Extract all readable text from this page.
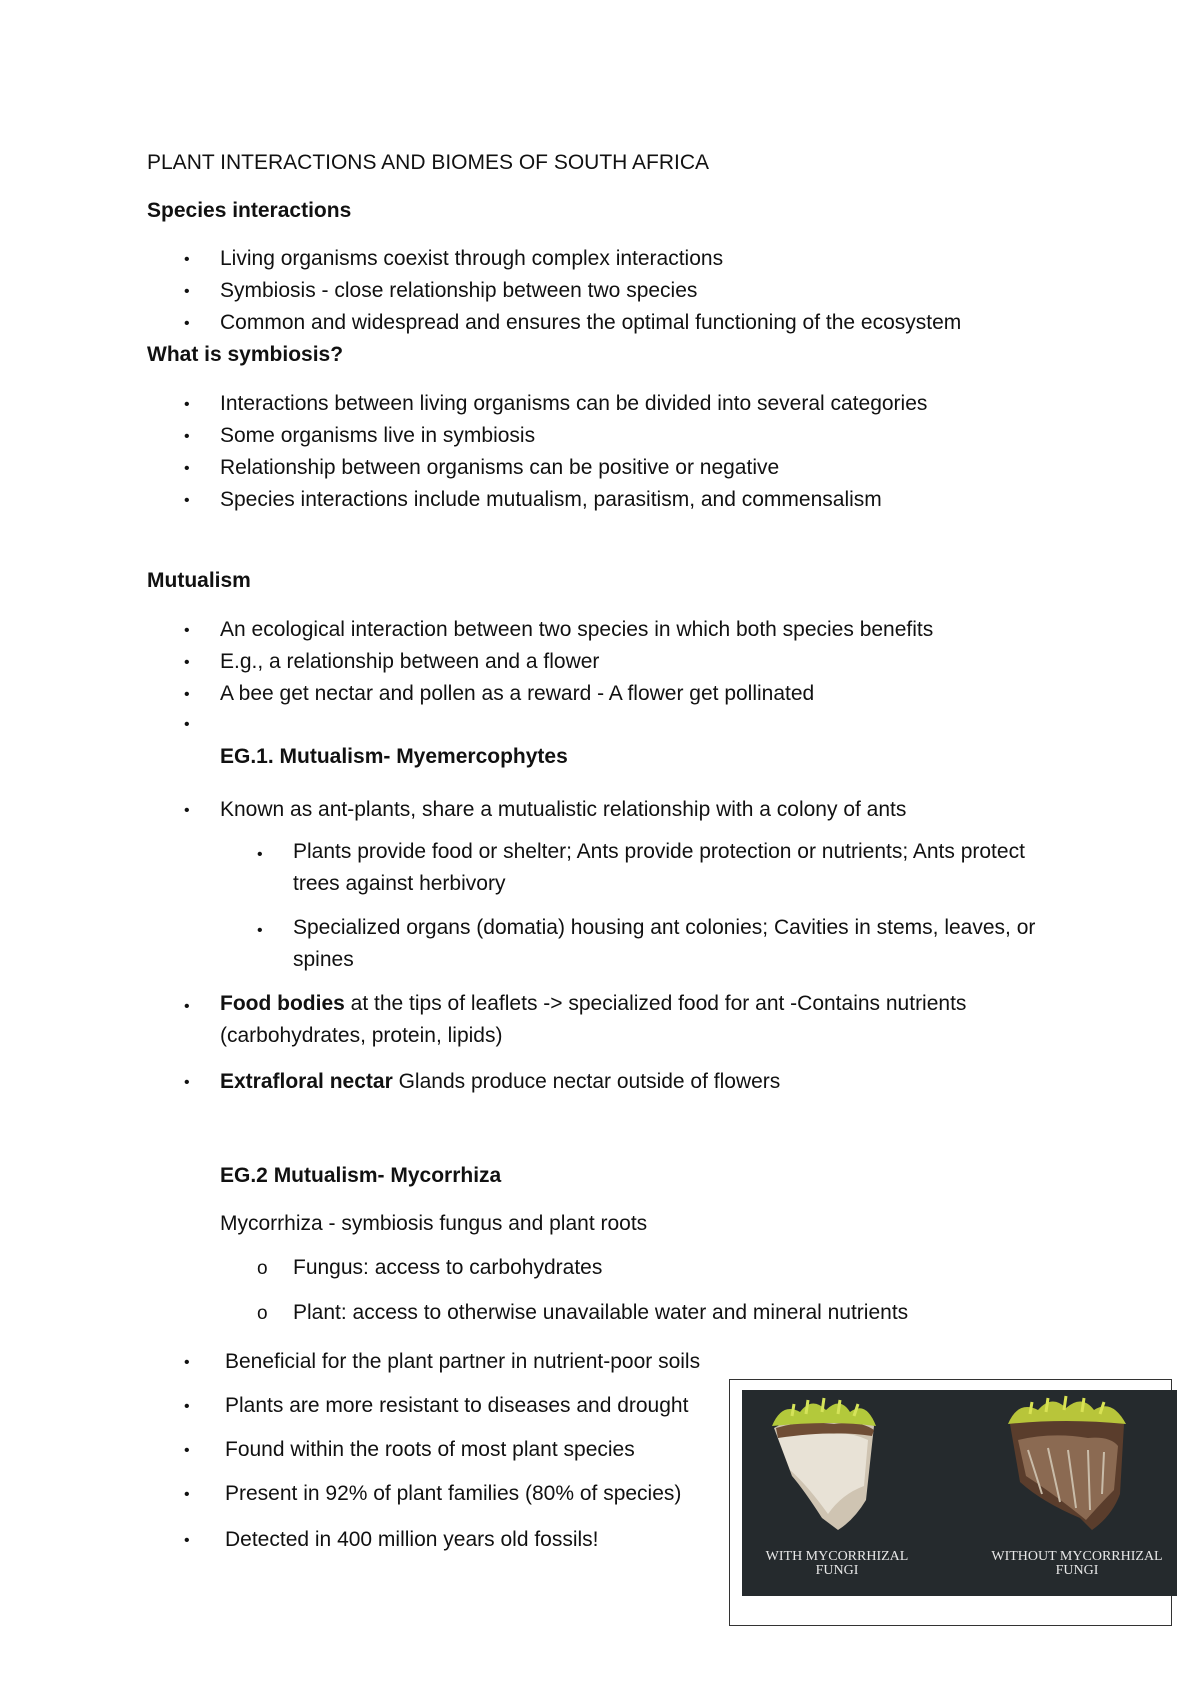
PLANT INTERACTIONS AND BIOMES OF SOUTH AFRICA
Species interactions
• Living organisms coexist through complex interactions
• Symbiosis - close relationship between two species
• Common and widespread and ensures the optimal functioning of the ecosystem
What is symbiosis?
• Interactions between living organisms can be divided into several categories
• Some organisms live in symbiosis
• Relationship between organisms can be positive or negative
• Species interactions include mutualism, parasitism, and commensalism
Mutualism
• An ecological interaction between two species in which both species benefits
• E.g., a relationship between and a flower
• A bee get nectar and pollen as a reward - A flower get pollinated
•
EG.1. Mutualism- Myemercophytes
• Known as ant-plants, share a mutualistic relationship with a colony of ants
• Plants provide food or shelter; Ants provide protection or nutrients; Ants protect trees against herbivory
• Specialized organs (domatia) housing ant colonies; Cavities in stems, leaves, or spines
• Food bodies at the tips of leaflets -> specialized food for ant -Contains nutrients (carbohydrates, protein, lipids)
• Extrafloral nectar Glands produce nectar outside of flowers
EG.2 Mutualism- Mycorrhiza
Mycorrhiza - symbiosis fungus and plant roots
o Fungus: access to carbohydrates
o Plant: access to otherwise unavailable water and mineral nutrients
• Beneficial for the plant partner in nutrient-poor soils
• Plants are more resistant to diseases and drought
• Found within the roots of most plant species
• Present in 92% of plant families (80% of species)
• Detected in 400 million years old fossils!
WITH MYCORRHIZAL
FUNGI
WITHOUT MYCORRHIZAL
FUNGI
